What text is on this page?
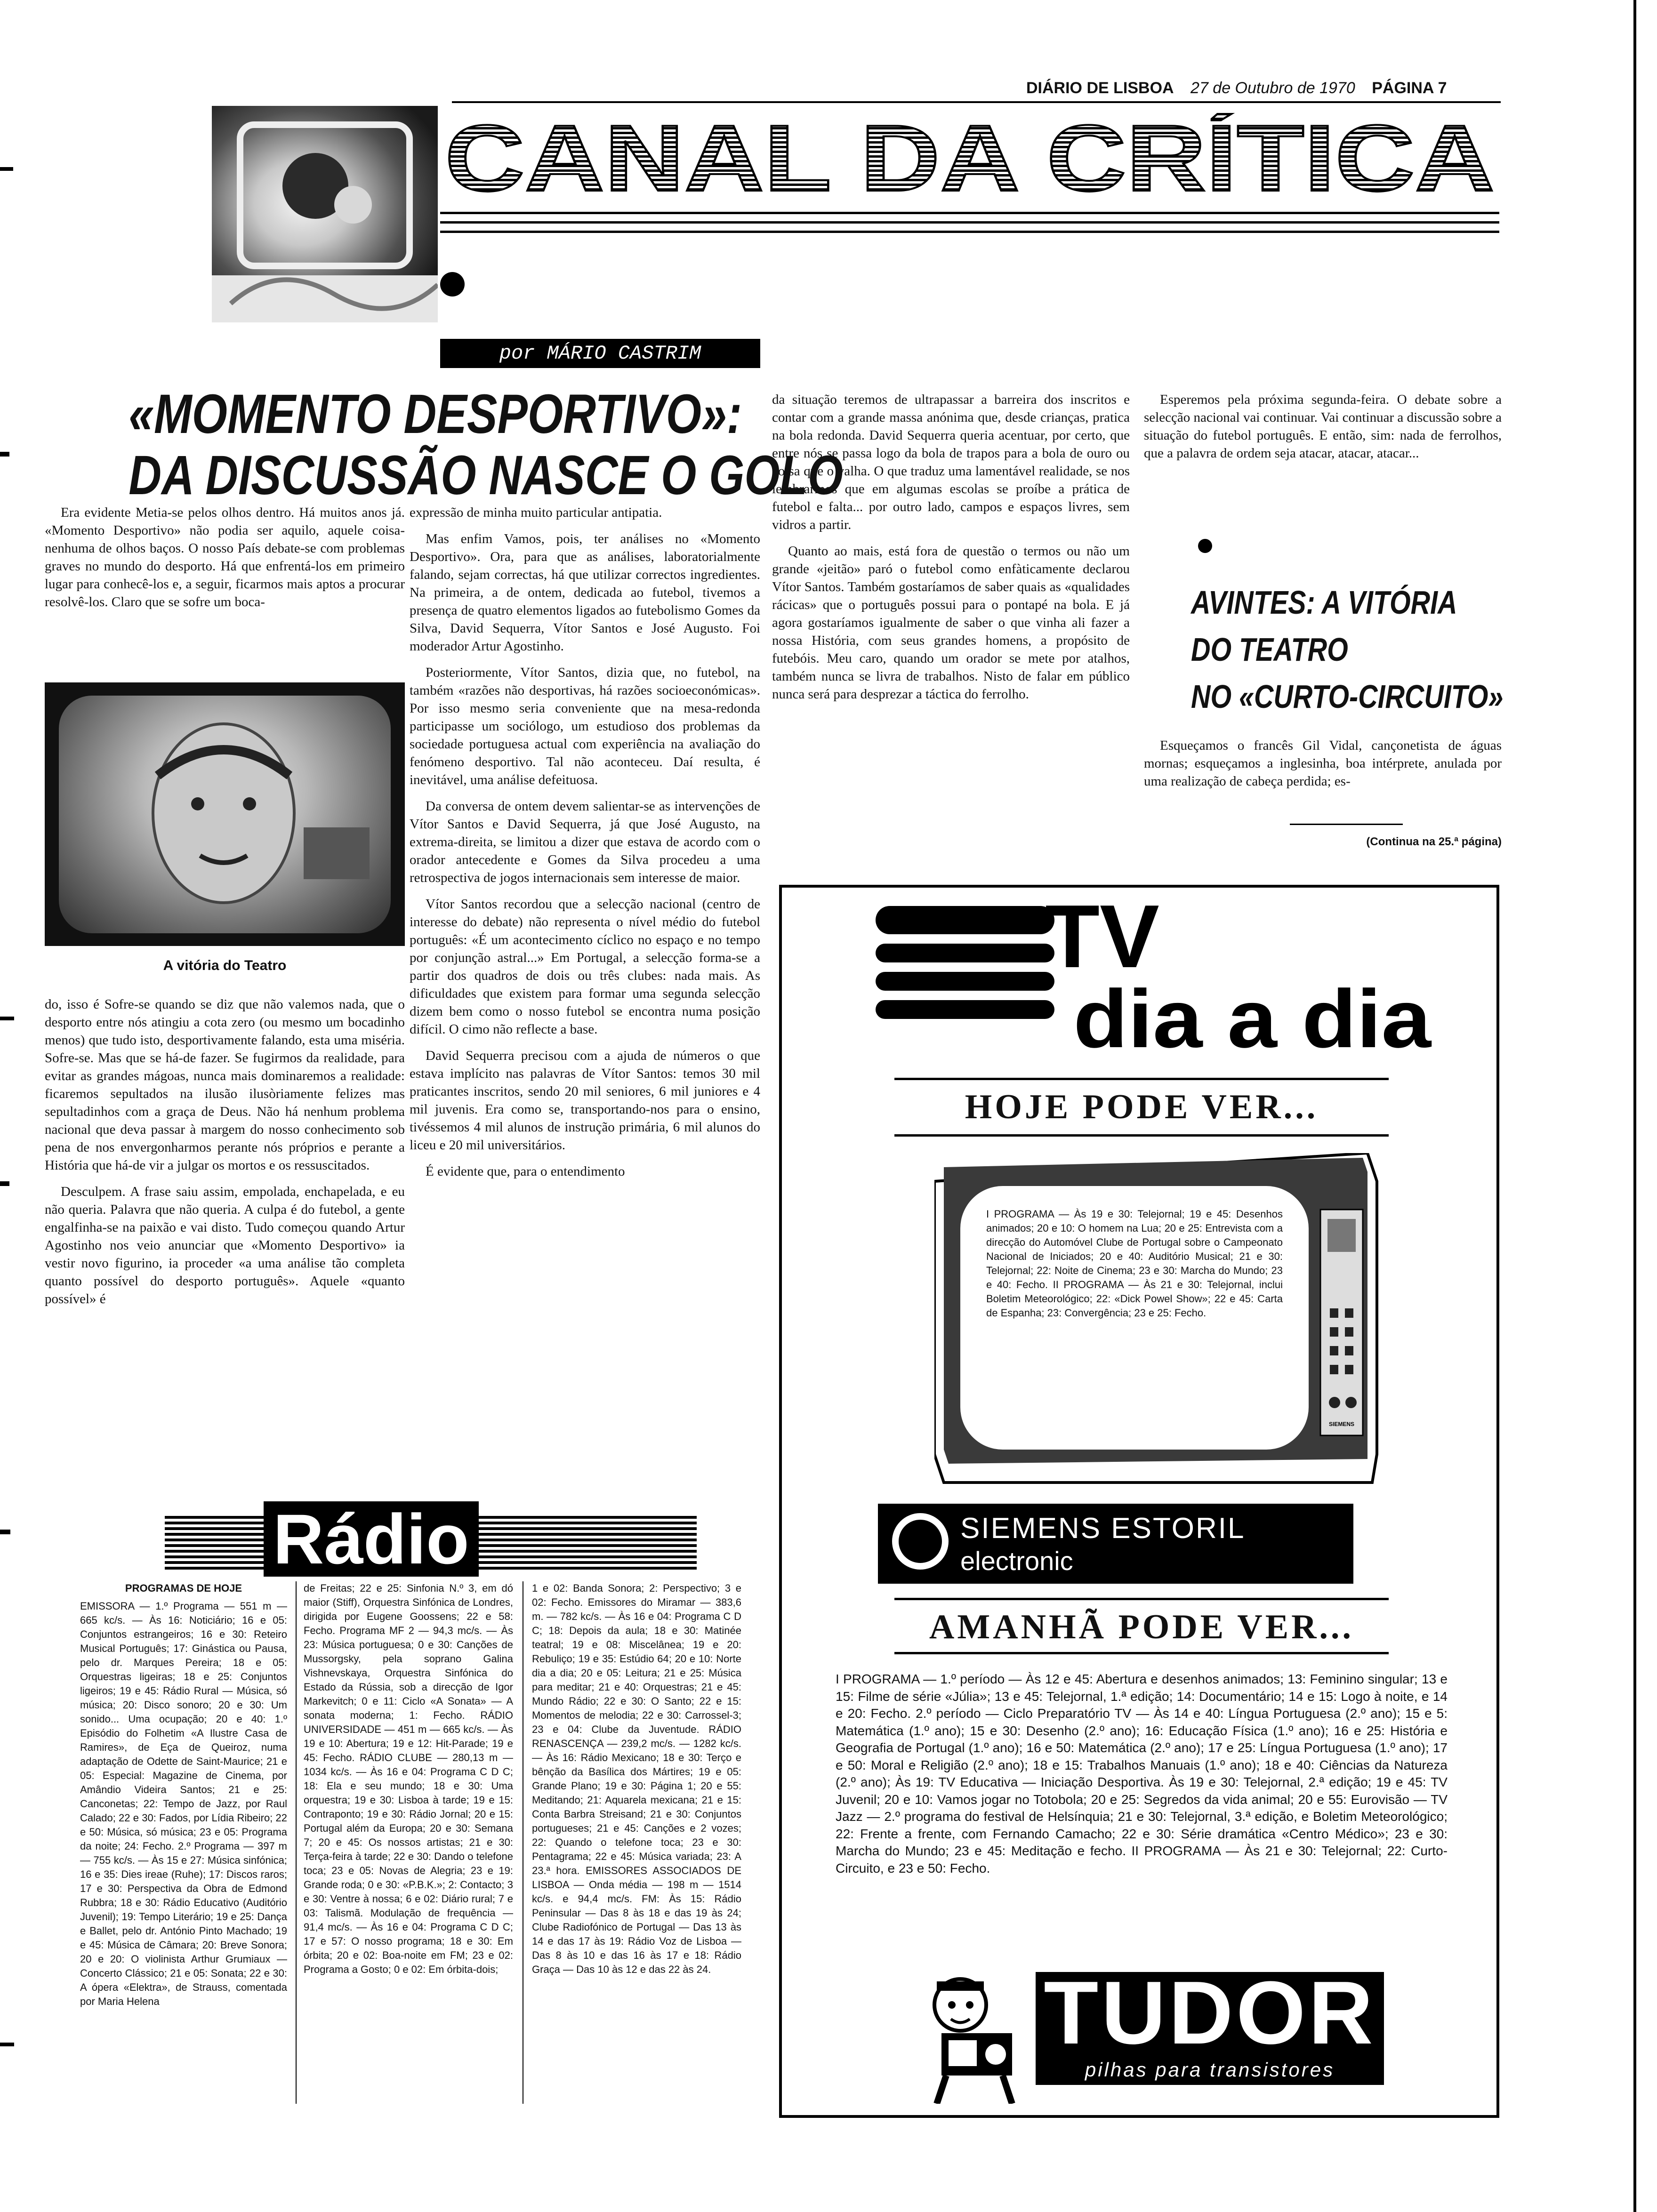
DIÁRIO DE LISBOA 27 de Outubro de 1970 PÁGINA 7
CANAL DA CRÍTICA
por MÁRIO CASTRIM
«MOMENTO DESPORTIVO»:
DA DISCUSSÃO NASCE O GOLO

Era evidente Metia-se pelos olhos dentro. Há muitos anos já. «Momento Desportivo» não podia ser aquilo, aquele coisa-nenhuma de olhos baços. O nosso País debate-se com problemas graves no mundo do desporto. Há que enfrentá-los em primeiro lugar para conhecê-los e, a seguir, ficarmos mais aptos a procurar resolvê-los. Claro que se sofre um boca-

A vitória do Teatro

do, isso é Sofre-se quando se diz que não valemos nada, que o desporto entre nós atingiu a cota zero (ou mesmo um bocadinho menos) que tudo isto, desportivamente falando, esta uma miséria. Sofre-se. Mas que se há-de fazer. Se fugirmos da realidade, para evitar as grandes mágoas, nunca mais dominaremos a realidade: ficaremos sepultados na ilusão ilusòriamente felizes mas sepultadinhos com a graça de Deus. Não há nenhum problema nacional que deva passar à margem do nosso conhecimento sob pena de nos envergonharmos perante nós próprios e perante a História que há-de vir a julgar os mortos e os ressuscitados.

Desculpem. A frase saiu assim, empolada, enchapelada, e eu não queria. Palavra que não queria. A culpa é do futebol, a gente engalfinha-se na paixão e vai disto. Tudo começou quando Artur Agostinho nos veio anunciar que «Momento Desportivo» ia vestir novo figurino, ia proceder «a uma análise tão completa quanto possível do desporto português». Aquele «quanto possível» é

expressão de minha muito particular antipatia.

Mas enfim Vamos, pois, ter análises no «Momento Desportivo». Ora, para que as análises, laboratorialmente falando, sejam correctas, há que utilizar correctos ingredientes. Na primeira, a de ontem, dedicada ao futebol, tivemos a presença de quatro elementos ligados ao futebolismo Gomes da Silva, David Sequerra, Vítor Santos e José Augusto. Foi moderador Artur Agostinho.

Posteriormente, Vítor Santos, dizia que, no futebol, na também «razões não desportivas, há razões socioeconómicas». Por isso mesmo seria conveniente que na mesa-redonda participasse um sociólogo, um estudioso dos problemas da sociedade portuguesa actual com experiência na avaliação do fenómeno desportivo. Tal não aconteceu. Daí resulta, é inevitável, uma análise defeituosa.

Da conversa de ontem devem salientar-se as intervenções de Vítor Santos e David Sequerra, já que José Augusto, na extrema-direita, se limitou a dizer que estava de acordo com o orador antecedente e Gomes da Silva procedeu a uma retrospectiva de jogos internacionais sem interesse de maior.

Vítor Santos recordou que a selecção nacional (centro de interesse do debate) não representa o nível médio do futebol português: «É um acontecimento cíclico no espaço e no tempo por conjunção astral...» Em Portugal, a selecção forma-se a partir dos quadros de dois ou três clubes: nada mais. As dificuldades que existem para formar uma segunda selecção dizem bem como o nosso futebol se encontra numa posição difícil. O cimo não reflecte a base.

David Sequerra precisou com a ajuda de números o que estava implícito nas palavras de Vítor Santos: temos 30 mil praticantes inscritos, sendo 20 mil seniores, 6 mil juniores e 4 mil juvenis. Era como se, transportando-nos para o ensino, tivéssemos 4 mil alunos de instrução primária, 6 mil alunos do liceu e 20 mil universitários.

É evidente que, para o entendimento

da situação teremos de ultrapassar a barreira dos inscritos e contar com a grande massa anónima que, desde crianças, pratica na bola redonda. David Sequerra queria acentuar, por certo, que entre nós se passa logo da bola de trapos para a bola de ouro ou coisa que o valha. O que traduz uma lamentável realidade, se nos lembrarmos que em algumas escolas se proíbe a prática de futebol e falta... por outro lado, campos e espaços livres, sem vidros a partir.

Quanto ao mais, está fora de questão o termos ou não um grande «jeitão» paró o futebol como enfàticamente declarou Vítor Santos. Também gostaríamos de saber quais as «qualidades rácicas» que o português possui para o pontapé na bola. E já agora gostaríamos igualmente de saber o que vinha ali fazer a nossa História, com seus grandes homens, a propósito de futebóis. Meu caro, quando um orador se mete por atalhos, também nunca se livra de trabalhos. Nisto de falar em público nunca será para desprezar a táctica do ferrolho.

Esperemos pela próxima segunda-feira. O debate sobre a selecção nacional vai continuar. Vai continuar a discussão sobre a situação do futebol português. E então, sim: nada de ferrolhos, que a palavra de ordem seja atacar, atacar, atacar...

AVINTES: A VITÓRIA
DO TEATRO
NO «CURTO-CIRCUITO»

Esqueçamos o francês Gil Vidal, cançonetista de águas mornas; esqueçamos a inglesinha, boa intérprete, anulada por uma realização de cabeça perdida; es-

(Continua na 25.ª página)
TV
dia a dia
HOJE PODE VER...
SIEMENS
I PROGRAMA — Às 19 e 30: Telejornal; 19 e 45: Desenhos animados; 20 e 10: O homem na Lua; 20 e 25: Entrevista com a direcção do Automóvel Clube de Portugal sobre o Campeonato Nacional de Iniciados; 20 e 40: Auditório Musical; 21 e 30: Telejornal; 22: Noite de Cinema; 23 e 30: Marcha do Mundo; 23 e 40: Fecho. II PROGRAMA — Às 21 e 30: Telejornal, inclui Boletim Meteorológico; 22: «Dick Powel Show»; 22 e 45: Carta de Espanha; 23: Convergência; 23 e 25: Fecho.
SIEMENS ESTORIL
electronic
AMANHÃ PODE VER...
I PROGRAMA — 1.º período — Às 12 e 45: Abertura e desenhos animados; 13: Feminino singular; 13 e 15: Filme de série «Júlia»; 13 e 45: Telejornal, 1.ª edição; 14: Documentário; 14 e 15: Logo à noite, e 14 e 20: Fecho. 2.º período — Ciclo Preparatório TV — Às 14 e 40: Língua Portuguesa (2.º ano); 15 e 5: Matemática (1.º ano); 15 e 30: Desenho (2.º ano); 16: Educação Física (1.º ano); 16 e 25: História e Geografia de Portugal (1.º ano); 16 e 50: Matemática (2.º ano); 17 e 25: Língua Portuguesa (1.º ano); 17 e 50: Moral e Religião (2.º ano); 18 e 15: Trabalhos Manuais (1.º ano); 18 e 40: Ciências da Natureza (2.º ano); Às 19: TV Educativa — Iniciação Desportiva. Às 19 e 30: Telejornal, 2.ª edição; 19 e 45: TV Juvenil; 20 e 10: Vamos jogar no Totobola; 20 e 25: Segredos da vida animal; 20 e 55: Eurovisão — TV Jazz — 2.º programa do festival de Helsínquia; 21 e 30: Telejornal, 3.ª edição, e Boletim Meteorológico; 22: Frente a frente, com Fernando Camacho; 22 e 30: Série dramática «Centro Médico»; 23 e 30: Marcha do Mundo; 23 e 45: Meditação e fecho. II PROGRAMA — Às 21 e 30: Telejornal; 22: Curto-Circuito, e 23 e 50: Fecho.
TUDOR
pilhas para transistores
Rádio
PROGRAMAS DE HOJE

EMISSORA — 1.º Programa — 551 m — 665 kc/s. — Às 16: Noticiário; 16 e 05: Conjuntos estrangeiros; 16 e 30: Reteiro Musical Português; 17: Ginástica ou Pausa, pelo dr. Marques Pereira; 18 e 05: Orquestras ligeiras; 18 e 25: Conjuntos ligeiros; 19 e 45: Rádio Rural — Música, só música; 20: Disco sonoro; 20 e 30: Um sonido... Uma ocupação; 20 e 40: 1.º Episódio do Folhetim «A Ilustre Casa de Ramires», de Eça de Queiroz, numa adaptação de Odette de Saint-Maurice; 21 e 05: Especial: Magazine de Cinema, por Amândio Videira Santos; 21 e 25: Canconetas; 22: Tempo de Jazz, por Raul Calado; 22 e 30: Fados, por Lídia Ribeiro; 22 e 50: Música, só música; 23 e 05: Programa da noite; 24: Fecho. 2.º Programa — 397 m — 755 kc/s. — Às 15 e 27: Música sinfónica; 16 e 35: Dies ireae (Ruhe); 17: Discos raros; 17 e 30: Perspectiva da Obra de Edmond Rubbra; 18 e 30: Rádio Educativo (Auditório Juvenil); 19: Tempo Literário; 19 e 25: Dança e Ballet, pelo dr. António Pinto Machado; 19 e 45: Música de Câmara; 20: Breve Sonora; 20 e 20: O violinista Arthur Grumiaux — Concerto Clássico; 21 e 05: Sonata; 22 e 30: A ópera «Elektra», de Strauss, comentada por Maria Helena

de Freitas; 22 e 25: Sinfonia N.º 3, em dó maior (Stiff), Orquestra Sinfónica de Londres, dirigida por Eugene Goossens; 22 e 58: Fecho. Programa MF 2 — 94,3 mc/s. — Às 23: Música portuguesa; 0 e 30: Canções de Mussorgsky, pela soprano Galina Vishnevskaya, Orquestra Sinfónica do Estado da Rússia, sob a direcção de Igor Markevitch; 0 e 11: Ciclo «A Sonata» — A sonata moderna; 1: Fecho. RÁDIO UNIVERSIDADE — 451 m — 665 kc/s. — Às 19 e 10: Abertura; 19 e 12: Hit-Parade; 19 e 45: Fecho. RÁDIO CLUBE — 280,13 m — 1034 kc/s. — Às 16 e 04: Programa C D C; 18: Ela e seu mundo; 18 e 30: Uma orquestra; 19 e 30: Lisboa à tarde; 19 e 15: Contraponto; 19 e 30: Rádio Jornal; 20 e 15: Portugal além da Europa; 20 e 30: Semana 7; 20 e 45: Os nossos artistas; 21 e 30: Terça-feira à tarde; 22 e 30: Dando o telefone toca; 23 e 05: Novas de Alegria; 23 e 19: Grande roda; 0 e 30: «P.B.K.»; 2: Contacto; 3 e 30: Ventre à nossa; 6 e 02: Diário rural; 7 e 03: Talismã. Modulação de frequência — 91,4 mc/s. — Às 16 e 04: Programa C D C; 17 e 57: O nosso programa; 18 e 30: Em órbita; 20 e 02: Boa-noite em FM; 23 e 02: Programa a Gosto; 0 e 02: Em órbita-dois;

1 e 02: Banda Sonora; 2: Perspectivo; 3 e 02: Fecho. Emissores do Miramar — 383,6 m. — 782 kc/s. — Às 16 e 04: Programa C D C; 18: Depois da aula; 18 e 30: Matinée teatral; 19 e 08: Miscelânea; 19 e 20: Rebuliço; 19 e 35: Estúdio 64; 20 e 10: Norte dia a dia; 20 e 05: Leitura; 21 e 25: Música para meditar; 21 e 40: Orquestras; 21 e 45: Mundo Rádio; 22 e 30: O Santo; 22 e 15: Momentos de melodia; 22 e 30: Carrossel-3; 23 e 04: Clube da Juventude. RÁDIO RENASCENÇA — 239,2 mc/s. — 1282 kc/s. — Às 16: Rádio Mexicano; 18 e 30: Terço e bênção da Basílica dos Mártires; 19 e 05: Grande Plano; 19 e 30: Página 1; 20 e 55: Meditando; 21: Aquarela mexicana; 21 e 15: Conta Barbra Streisand; 21 e 30: Conjuntos portugueses; 21 e 45: Canções e 2 vozes; 22: Quando o telefone toca; 23 e 30: Pentagrama; 22 e 45: Música variada; 23: A 23.ª hora. EMISSORES ASSOCIADOS DE LISBOA — Onda média — 198 m — 1514 kc/s. e 94,4 mc/s. FM: Às 15: Rádio Peninsular — Das 8 às 18 e das 19 às 24; Clube Radiofónico de Portugal — Das 13 às 14 e das 17 às 19: Rádio Voz de Lisboa — Das 8 às 10 e das 16 às 17 e 18: Rádio Graça — Das 10 às 12 e das 22 às 24.
